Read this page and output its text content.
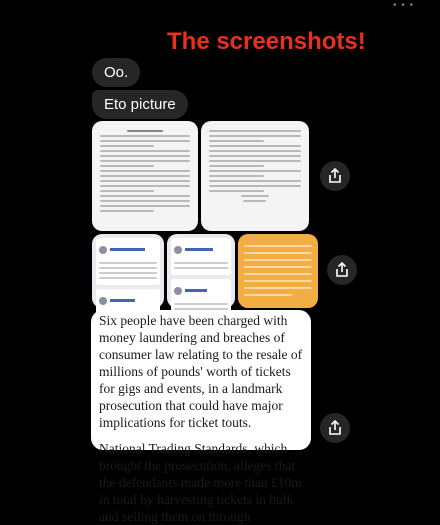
• • •
The screenshots!
Oo.
Eto picture

Six people have been charged with money laundering and breaches of consumer law relating to the resale of millions of pounds' worth of tickets for gigs and events, in a landmark prosecution that could have major implications for ticket touts.

National Trading Standards, which brought the prosecution, alleges that the defendants made more than £10m in total by harvesting tickets in bulk and selling them on through
